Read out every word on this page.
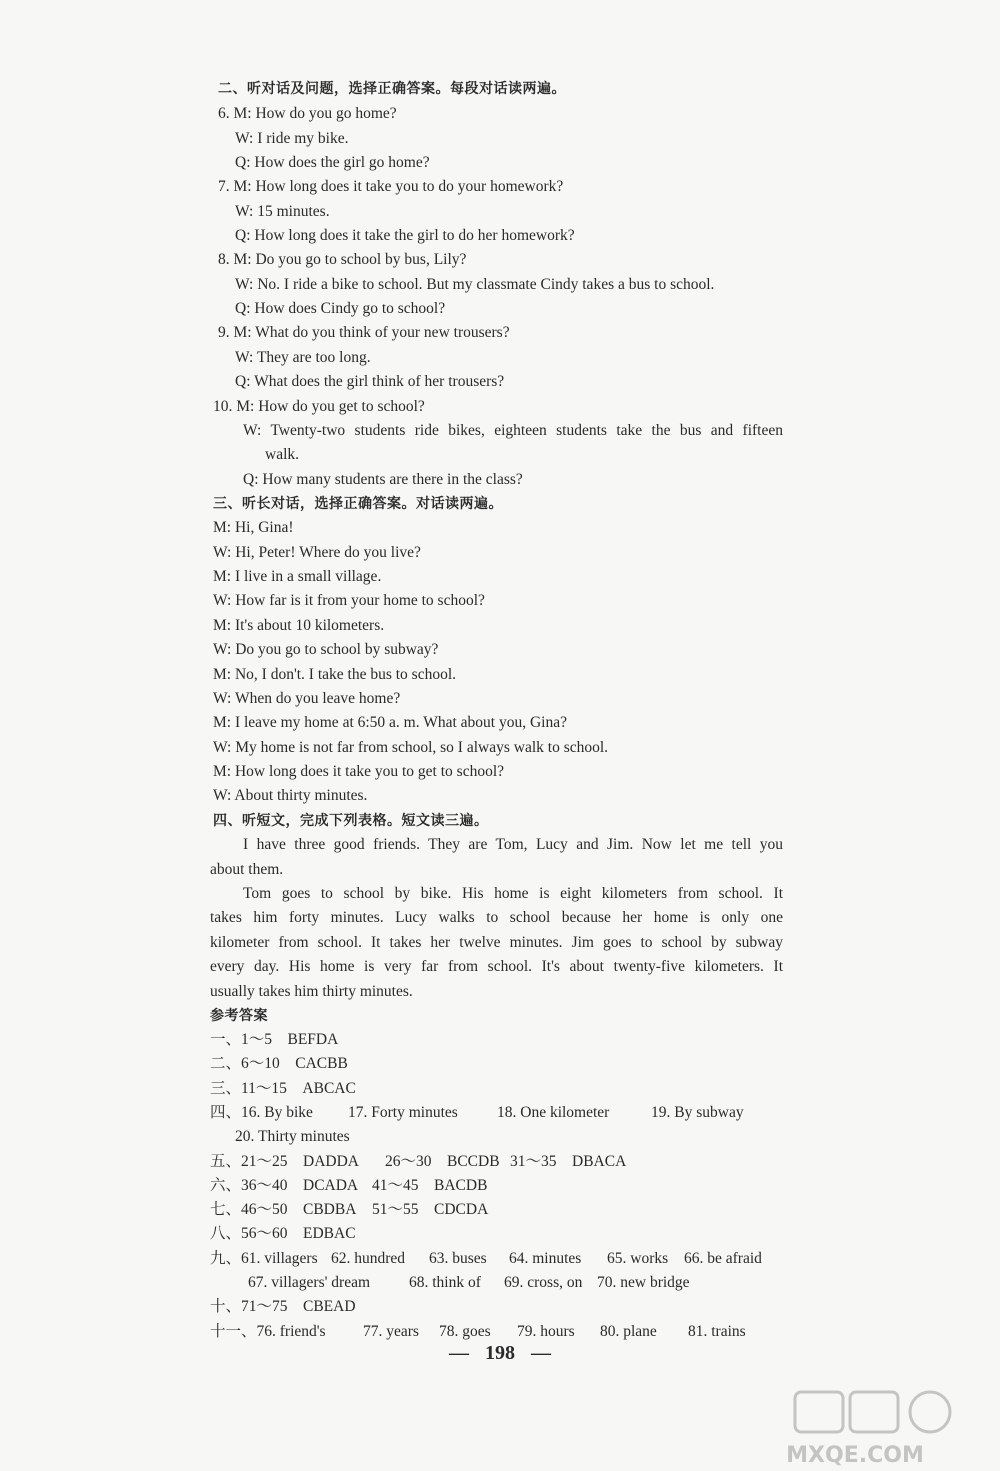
二、听对话及问题，选择正确答案。每段对话读两遍。
6. M: How do you go home?
W: I ride my bike.
Q: How does the girl go home?
7. M: How long does it take you to do your homework?
W: 15 minutes.
Q: How long does it take the girl to do her homework?
8. M: Do you go to school by bus, Lily?
W: No. I ride a bike to school. But my classmate Cindy takes a bus to school.
Q: How does Cindy go to school?
9. M: What do you think of your new trousers?
W: They are too long.
Q: What does the girl think of her trousers?
10. M: How do you get to school?
W: Twenty-two students ride bikes, eighteen students take the bus and fifteen
walk.
Q: How many students are there in the class?
三、听长对话，选择正确答案。对话读两遍。
M: Hi, Gina!
W: Hi, Peter! Where do you live?
M: I live in a small village.
W: How far is it from your home to school?
M: It's about 10 kilometers.
W: Do you go to school by subway?
M: No, I don't. I take the bus to school.
W: When do you leave home?
M: I leave my home at 6:50 a. m. What about you, Gina?
W: My home is not far from school, so I always walk to school.
M: How long does it take you to get to school?
W: About thirty minutes.
四、听短文，完成下列表格。短文读三遍。
I have three good friends. They are Tom, Lucy and Jim. Now let me tell you
about them.
Tom goes to school by bike. His home is eight kilometers from school. It
takes him forty minutes. Lucy walks to school because her home is only one
kilometer from school. It takes her twelve minutes. Jim goes to school by subway
every day. His home is very far from school. It's about twenty-five kilometers. It
usually takes him thirty minutes.
参考答案
一、1～5　BEFDA
二、6～10　CACBB
三、11～15　ABCAC
四、16. By bike 17. Forty minutes	18. One kilometer	19. By subway
20. Thirty minutes
五、21～25　DADDA 26～30　BCCDB 31～35　DBACA
六、36～40　DCADA 41～45　BACDB
七、46～50　CBDBA 51～55　CDCDA
八、56～60　EDBAC
九、61. villagers 62. hundred 63. buses 64. minutes 65. works 66. be afraid
67. villagers' dream	68. think of 69. cross, on 70. new bridge
十、71～75　CBEAD
十一、76. friend's 77. years 78. goes 79. hours 80. plane 81. trains
— 198 —
MXQE.COM
